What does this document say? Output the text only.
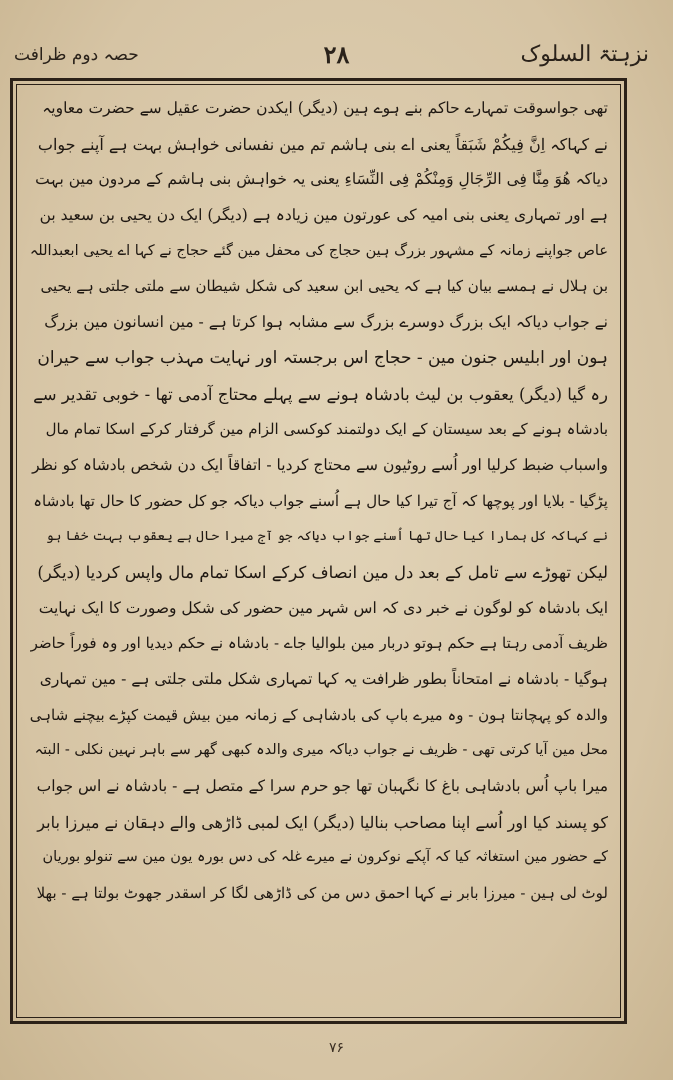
نزہتۃ السلوک
۲۸
حصہ دوم ظرافت
تھی جواسوقت تمہارے حاکم بنے ہوے ہین (دیگر) ایکدن حضرت عقیل سے حضرت معاویہ
نے کہاکہ اِنَّ فِیکُمْ شَبَقاً یعنی اے بنی ہاشم تم مین نفسانی خواہش بہت ہے آپنے جواب
دیاکہ ھُوَ مِنَّا فِی الرِّجَالِ وَمِنْکُمْ فِی النِّسَاءِ یعنی یہ خواہش بنی ہاشم کے مردون مین بہت
ہے اور تمہاری یعنی بنی امیہ کی عورتون مین زیادہ ہے (دیگر) ایک دن یحیی بن سعید بن
عاص جواپنے زمانہ کے مشہور بزرگ ہین حجاج کی محفل مین گئے حجاج نے کہا اے یحیی ابعبداللہ
بن ہلال نے ہمسے بیان کیا ہے کہ یحیی ابن سعید کی شکل شیطان سے ملتی جلتی ہے یحیی
نے جواب دیاکہ ایک بزرگ دوسرے بزرگ سے مشابہ ہوا کرتا ہے - مین انسانون مین بزرگ
ہون اور ابلیس جنون مین - حجاج اس برجستہ اور نہایت مہذب جواب سے حیران
رہ گیا (دیگر) یعقوب بن لیث بادشاہ ہونے سے پہلے محتاج آدمی تھا - خوبی تقدیر سے
بادشاہ ہونے کے بعد سیستان کے ایک دولتمند کوکسی الزام مین گرفتار کرکے اسکا تمام مال
واسباب ضبط کرلیا اور اُسے روٹیون سے محتاج کردیا - اتفاقاً ایک دن شخص بادشاہ کو نظر
پڑگیا - بلایا اور پوچھا کہ آج تیرا کیا حال ہے اُسنے جواب دیاکہ جو کل حضور کا حال تھا بادشاہ
نے کہاکہ کل ہمارا کیا حال تھا اُسنے جواب دیاکہ جو آج میرا حال ہے یعقوب بہت خفا ہو
لیکن تھوڑے سے تامل کے بعد دل مین انصاف کرکے اسکا تمام مال واپس کردیا (دیگر)
ایک بادشاہ کو لوگون نے خبر دی کہ اس شہر مین حضور کی شکل وصورت کا ایک نہایت
ظریف آدمی رہتا ہے حکم ہوتو دربار مین بلوالیا جاے - بادشاہ نے حکم دیدیا اور وہ فوراً حاضر
ہوگیا - بادشاہ نے امتحاناً بطور ظرافت یہ کہا تمہاری شکل ملتی جلتی ہے - مین تمہاری
والدہ کو پہچانتا ہون - وہ میرے باپ کی بادشاہی کے زمانہ مین بیش قیمت کپڑے بیچنے شاہی
محل مین آیا کرتی تھی - ظریف نے جواب دیاکہ میری والدہ کبھی گھر سے باہر نہین نکلی - البتہ
میرا باپ اُس بادشاہی باغ کا نگہبان تھا جو حرم سرا کے متصل ہے - بادشاہ نے اس جواب
کو پسند کیا اور اُسے اپنا مصاحب بنالیا (دیگر) ایک لمبی ڈاڑھی والے دہقان نے میرزا بابر
کے حضور مین استغاثہ کیا کہ آپکے نوکرون نے میرے غلہ کی دس بورہ یون مین سے تنولو بوریان
لوٹ لی ہین - میرزا بابر نے کہا احمق دس من کی ڈاڑھی لگا کر اسقدر جھوٹ بولتا ہے - بھلا
۷۶
